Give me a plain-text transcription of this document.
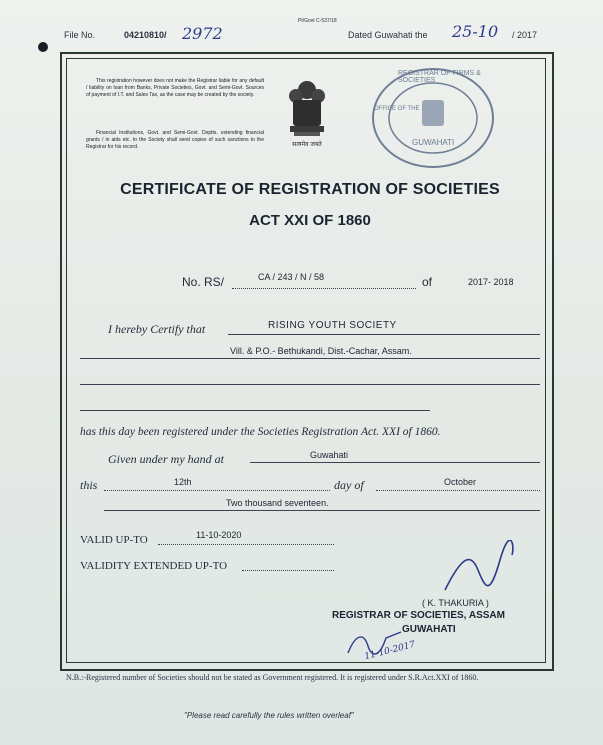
File No.	04210810/ 2972
Pt/Govt C-537/18
Dated Guwahati the 25-10 / 2017
This registration however does not make the Registrar liable for any default / liability on loan from Banks, Private Societies, Govt. and Semi-Govt. Sources of payment of I.T. and Sales Tax, as the case may be created by the society.
Financial Institutions, Govt. and Semi-Govt. Deptts. extending financial grants / in aids etc. to the Society shall send copies of such sanctions to the Registrar for his record.	सत्यमेव जयते
REGISTRAR OF FIRMS & SOCIETIES
OFFICE OF THE
GUWAHATI
CERTIFICATE OF REGISTRATION OF SOCIETIES
ACT XXI OF 1860
No. RS/	CA / 243 / N / 58	of	2017- 2018
I hereby Certify that	RISING YOUTH SOCIETY
Vill. & P.O.- Bethukandi, Dist.-Cachar, Assam.
has this day been registered under the Societies Registration Act. XXI of 1860.
Given under my hand at	Guwahati
this	12th	day of	October
Two thousand seventeen.
VALID UP-TO	11-10-2020
VALIDITY EXTENDED UP-TO
( K. THAKURIA )
REGISTRAR OF SOCIETIES, ASSAM
GUWAHATI
11-10-2017
N.B.:-Registered number of Societies should not be stated as Government registered. It is registered under S.R.Act.XXI of 1860.
"Please read carefully the rules written overleaf"
